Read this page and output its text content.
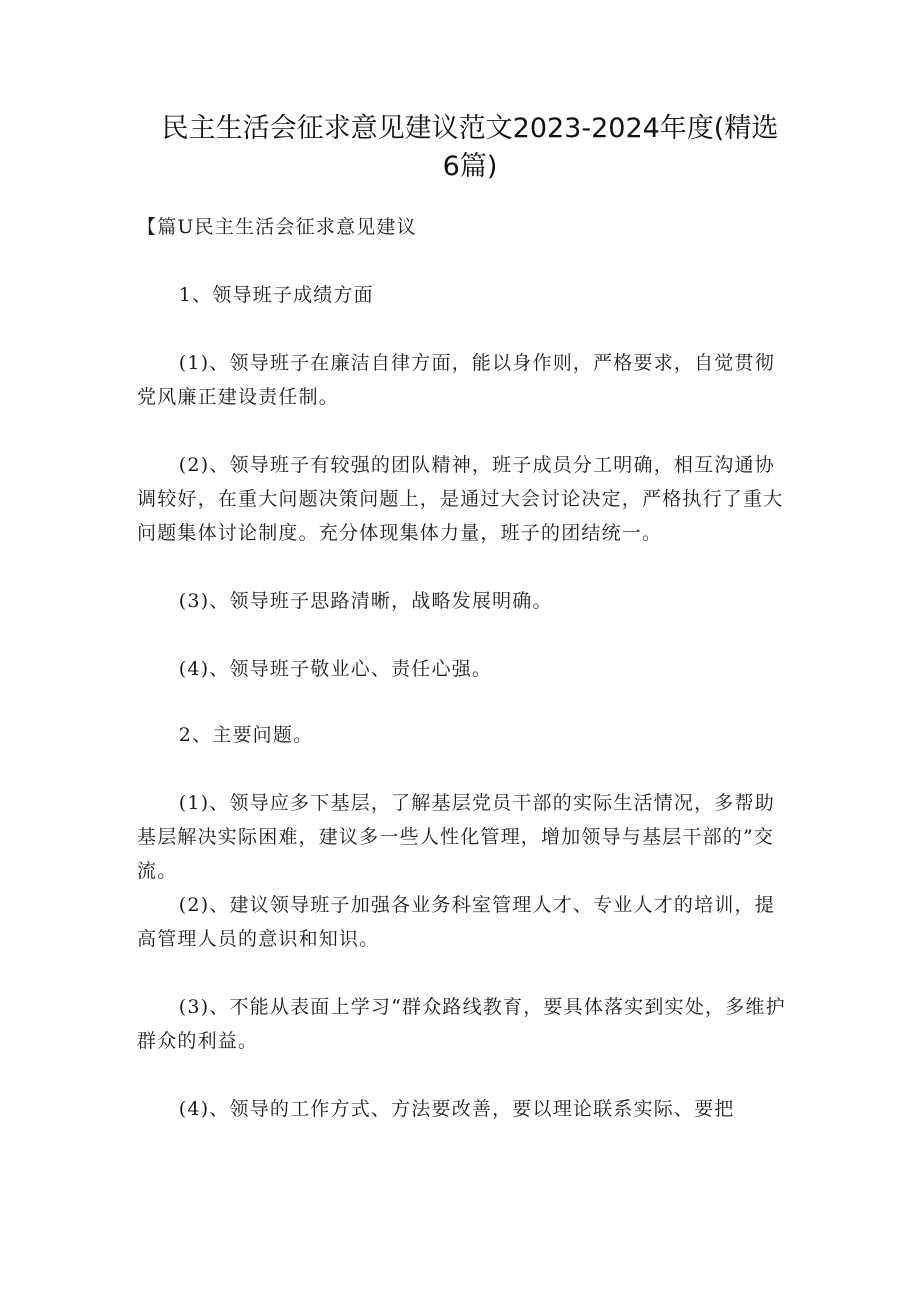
民主生活会征求意见建议范文2023-2024年度(精选6篇)

【篇U民主生活会征求意见建议

1、领导班子成绩方面

(1)、领导班子在廉洁自律方面，能以身作则，严格要求，自觉贯彻党风廉正建设责任制。

(2)、领导班子有较强的团队精神，班子成员分工明确，相互沟通协调较好，在重大问题决策问题上，是通过大会讨论决定，严格执行了重大问题集体讨论制度。充分体现集体力量，班子的团结统一。

(3)、领导班子思路清晰，战略发展明确。

(4)、领导班子敬业心、责任心强。

2、主要问题。

(1)、领导应多下基层，了解基层党员干部的实际生活情况，多帮助基层解决实际困难，建议多一些人性化管理，增加领导与基层干部的”交流。

(2)、建议领导班子加强各业务科室管理人才、专业人才的培训，提高管理人员的意识和知识。

(3)、不能从表面上学习“群众路线教育，要具体落实到实处，多维护群众的利益。

(4)、领导的工作方式、方法要改善，要以理论联系实际、要把
